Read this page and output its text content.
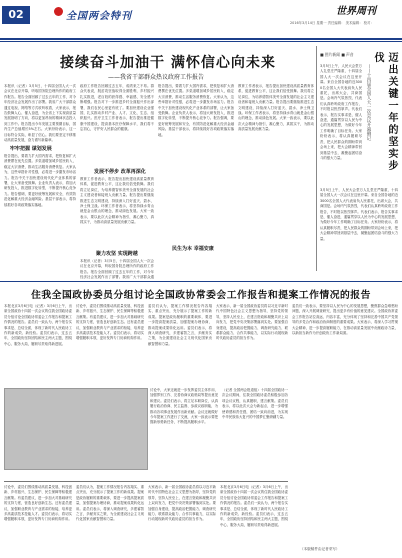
02	全国两会特刊	世界周刊
2016年3月14日 星期一 责任编辑： 美术编辑： 校对：
接续奋斗加油干 满怀信心向未来
——我省干部群众热议政府工作报告
本报讯（记者）3月5日，十四届全国人大一次会议在北京开幕，听取国务院总理所作的政府工作报告。报告全面回顾了过去五年的工作，对今年经济社会发展作出了部署。我省广大干部群众通过电视、网络等方式收听收看，大家表示，报告鼓舞人心、催人奋进，为全省上下实现高质量发展指明了方向，将以更加昂扬的精神状态投入到工作中。报告提出今年发展主要预期目标，国内生产总值增长5%左右。大家纷纷表示，这一目标符合实际，彰显了信心。我们要坚定不移推动高质量发展，奋力谱写新篇章。
牢牢把握 谋划发展
报告提出，要着力扩大国内需求，把恢复和扩大消费摆在优先位置。多渠道增加城乡居民收入，稳定大宗消费，推动生活服务消费恢复。大家认为，这些举措针对性强，必将进一步激发市场活力。报告中关于加快建设现代化产业体系的部署，让大家备受鼓舞。企业负责人表示，将加大研发投入，推进数字化转型，不断提升核心竞争力。报告强调，要更好统筹发展和安全，有效防范化解重大经济金融风险。基层干部表示，将持续抓好各项政策落实落地。
政府工作报告回顾过去五年，成绩来之不易。群众代表说，脱贫攻坚战取得全面胜利，乡村振兴扎实推进，老百姓的获得感、幸福感、安全感不断增强。报告对下一步推进乡村全面振兴作出部署，我们农民心里更有底了。要加快建设农业强国，扎实推动乡村产业、人才、文化、生态、组织振兴。医疗卫生工作者表示，报告提出推进健康中国建设，提高基本医疗保障水平，我们将不忘初心，守护好人民群众的健康。
发展不停步 改革再深化
教育工作者表示，报告提出加快建设高质量教育体系，促进教育公平，这让我们倍受鼓舞。我们将立足岗位，为培养德智体美劳全面发展的社会主义建设者和接班人贡献力量。报告提出要继续推进生态文明建设，持续深入打好蓝天、碧水、净土保卫战。环保工作者表示，将坚持绿水青山就是金山银山的理念，推动绿色发展。大家一致表示，要以此次大会精神为指引，凝心聚力，真抓实干，为推动高质量发展贡献力量。
聚力攻坚 实现跨越
本报讯（记者）3月5日，十四届全国人大一次会议在北京开幕，听取国务院总理所作的政府工作报告。报告全面回顾了过去五年的工作，对今年经济社会发展作出了部署。我省广大干部群众通
报告提出，要着力扩大国内需求，把恢复和扩大消费摆在优先位置。多渠道增加城乡居民收入，稳定大宗消费，推动生活服务消费恢复。大家认为，这些举措针对性强，必将进一步激发市场活力。报告中关于加快建设现代化产业体系的部署，让大家备受鼓舞。企业负责人表示，将加大研发投入，推进数字化转型，不断提升核心竞争力。报告强调，要更好统筹发展和安全，有效防范化解重大经济金融风险。基层干部表示，将持续抓好各项政策落实落地。
民生为本 幸福安康
教育工作者表示，报告提出加快建设高质量教育体系，促进教育公平，这让我们倍受鼓舞。我们将立足岗位，为培养德智体美劳全面发展的社会主义建设者和接班人贡献力量。报告提出要继续推进生态文明建设，持续深入打好蓝天、碧水、净土保卫战。环保工作者表示，将坚持绿水青山就是金山银山的理念，推动绿色发展。大家一致表示，要以此次大会精神为指引，凝心聚力，真抓实干，为推动高质量发展贡献力量。
■ 图片新闻 ■ 声音	迈出关键一年的坚实步伐
——十四届全国人大一次会议开幕侧记
3月5日上午，人民大会堂万人礼堂庄严隆重，十四届全国人大一次会议在这里开幕。来自全国各地的近3000名全国人大代表肩负人民重托，出席大会，共商国是。会场内气氛热烈，代表们认真聆听政府工作报告，不时报以热烈掌声。代表们表示，报告实事求是、催人奋进，通篇贯穿以人民为中心的发展思想，为做好今年工作明确了目标任务。大家纷纷表示，将认真履职尽责，把人民群众的期盼带到会场上来，把大会精神带回到基层中去，凝聚起团结奋斗的强大力量。
3月5日上午，人民大会堂万人礼堂庄严隆重，十四届全国人大一次会议在这里开幕。来自全国各地的近3000名全国人大代表肩负人民重托，出席大会，共商国是。会场内气氛热烈，代表们认真聆听政府工作报告，不时报以热烈掌声。代表们表示，报告实事求是、催人奋进，通篇贯穿以人民为中心的发展思想，为做好今年工作明确了目标任务。大家纷纷表示，将认真履职尽责，把人民群众的期盼带到会场上来，把大会精神带回到基层中去，凝聚起团结奋斗的强大力量。
住我全国政协委员分组讨论全国政协常委会工作报告和提案工作情况的报告
本报北京3月6日电（记者）3月6日上午，出席全国政协十四届一次会议的住我全国政协委员分组讨论全国政协常委会工作报告和提案工作情况的报告。委员们一致认为，两个报告实事求是、总结全面，体现了新时代人民政协工作的新成效、新经验。委员们表示，过去五年，全国政协坚持团结和民主两大主题，围绕中心、服务大局，履职尽责取得新进展。
讨论中，委员们围绕推动高质量发展、科技创新、乡村振兴、生态保护、民生保障等积极建言献策。有委员建议，进一步加大对基础研究的支持力度，营造良好创新生态。还有委员建议，加强职业教育与产业需求的衔接，培养更多高素质技术技能人才。委员们表示，将切实增强履职本领，更好发挥专门协商机构作用。
委员们认为，提案工作情况报告内容翔实、重点突出，充分展示了提案工作的新成果。提案是政协履职的重要载体，要进一步提高提案质量，加强提案办理协商，推动提案成果转化运用。委员们表示，将深入调查研究，多建睿智之言，多献务实之策，为全面建设社会主义现代化国家贡献智慧和力量。
大家表示，新一届全国政协委员将以习近平新时代中国特色社会主义思想为指导，坚持党的领导，坚持人民至上，在建言资政和凝聚共识上双向发力，把党中央决策部署落到实处。要加强自身建设，提高政治把握能力、调查研究能力、联系群众能力、合作共事能力，以实际行动展现新时代政协委员的担当作为。
讨论中，大家还就进一步发挥委员主体作用、加强界别工作、完善协商议政格局等提出意见和建议。委员们表示，将立足本职岗位，认真履行政治协商、民主监督、参政议政职能，为推动各项事业发展作出新贡献。会议还就做好今年提案工作进行了交流，大家一致表示要把握新形势新任务，不断提高履职水平。
（记者 全国两会报道组）十四届全国政协一次会议期间，住我全国政协委员积极参加各项会议议程，认真履职，建言献策。委员们表示，将以此次大会为新起点，进一步增强使命感和责任感，团结一致向前进，为实现中华民族伟大复兴的中国梦汇聚磅礴力量。
委员们一致表示，要坚持以人民为中心的发展思想，聚焦群众急难愁盼问题，深入开展调查研究，提出更多有价值的意见建议。全国政协常委会工作报告站位高远、内容丰富，充分体现了坚持和完善中国共产党领导的多党合作和政治协商制度的重要成果。大家表示，将深入学习贯彻大会精神，进一步提高履职能力，在推动高质量发展中贡献政协力量，以新担当新作为开创政协工作新局面。
讨论中，委员们围绕推动高质量发展、科技创新、乡村振兴、生态保护、民生保障等积极建言献策。有委员建议，进一步加大对基础研究的支持力度，营造良好创新生态。还有委员建议，加强职业教育与产业需求的衔接，培养更多高素质技术技能人才。委员们表示，将切实增强履职本领，更好发挥专门协商机构作用。
委员们认为，提案工作情况报告内容翔实、重点突出，充分展示了提案工作的新成果。提案是政协履职的重要载体，要进一步提高提案质量，加强提案办理协商，推动提案成果转化运用。委员们表示，将深入调查研究，多建睿智之言，多献务实之策，为全面建设社会主义现代化国家贡献智慧和力量。
大家表示，新一届全国政协委员将以习近平新时代中国特色社会主义思想为指导，坚持党的领导，坚持人民至上，在建言资政和凝聚共识上双向发力，把党中央决策部署落到实处。要加强自身建设，提高政治把握能力、调查研究能力、联系群众能力、合作共事能力，以实际行动展现新时代政协委员的担当作为。
本报北京3月6日电（记者）3月6日上午，出席全国政协十四届一次会议的住我全国政协委员分组讨论全国政协常委会工作报告和提案工作情况的报告。委员们一致认为，两个报告实事求是、总结全面，体现了新时代人民政协工作的新成效、新经验。委员们表示，过去五年，全国政协坚持团结和民主两大主题，围绕中心、服务大局，履职尽责取得新进展。
（本版稿件由记者采写）
